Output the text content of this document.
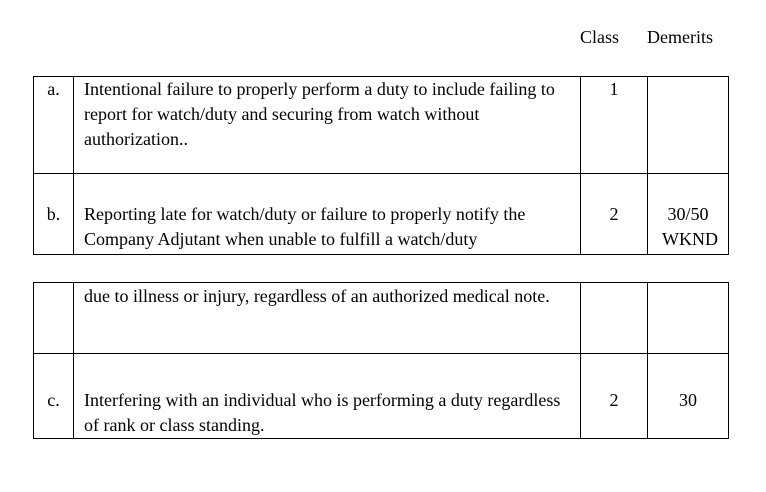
Class Demerits
a.	Intentional failure to properly perform a duty to include failing to report for watch/duty and securing from watch without authorization..	1	

b.	Reporting late for watch/duty or failure to properly notify the Company Adjutant when unable to fulfill a watch/duty	2	30/50 WKND

	due to illness or injury, regardless of an authorized medical note.		

c.	Interfering with an individual who is performing a duty regardless of rank or class standing.	2	30
